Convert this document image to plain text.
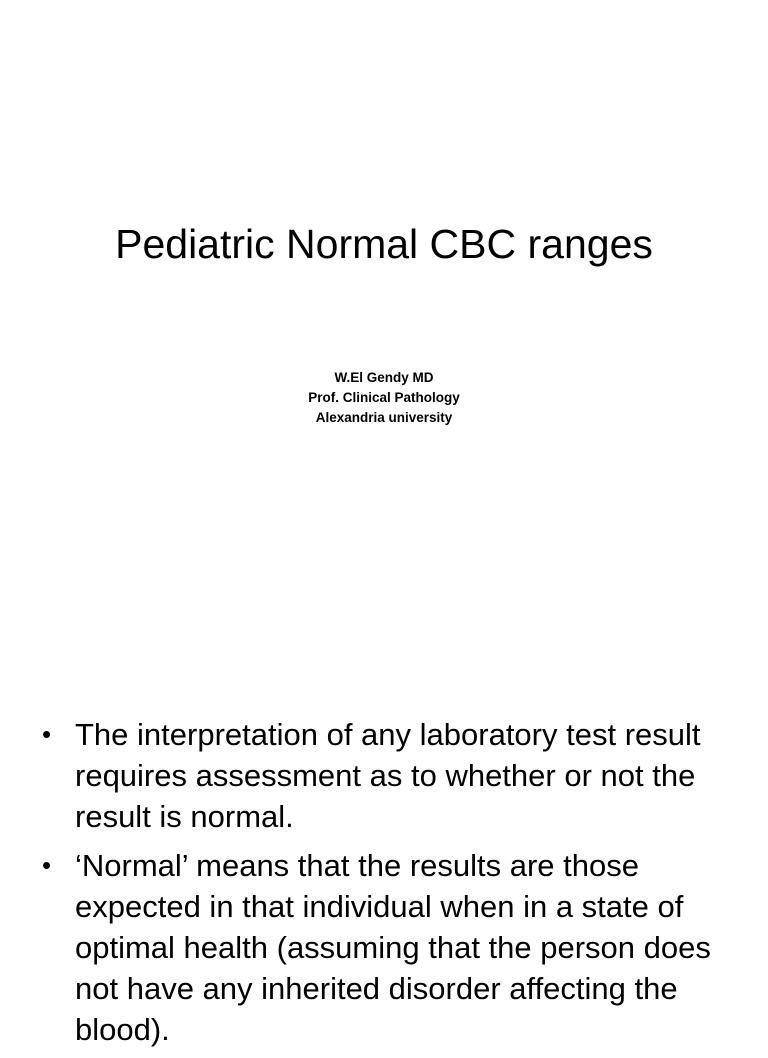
Pediatric Normal CBC ranges
W.El Gendy MD
Prof. Clinical Pathology
Alexandria university
• The interpretation of any laboratory test result requires assessment as to whether or not the result is normal.
• ‘Normal’ means that the results are those expected in that individual when in a state of optimal health (assuming that the person does not have any inherited disorder affecting the blood).
